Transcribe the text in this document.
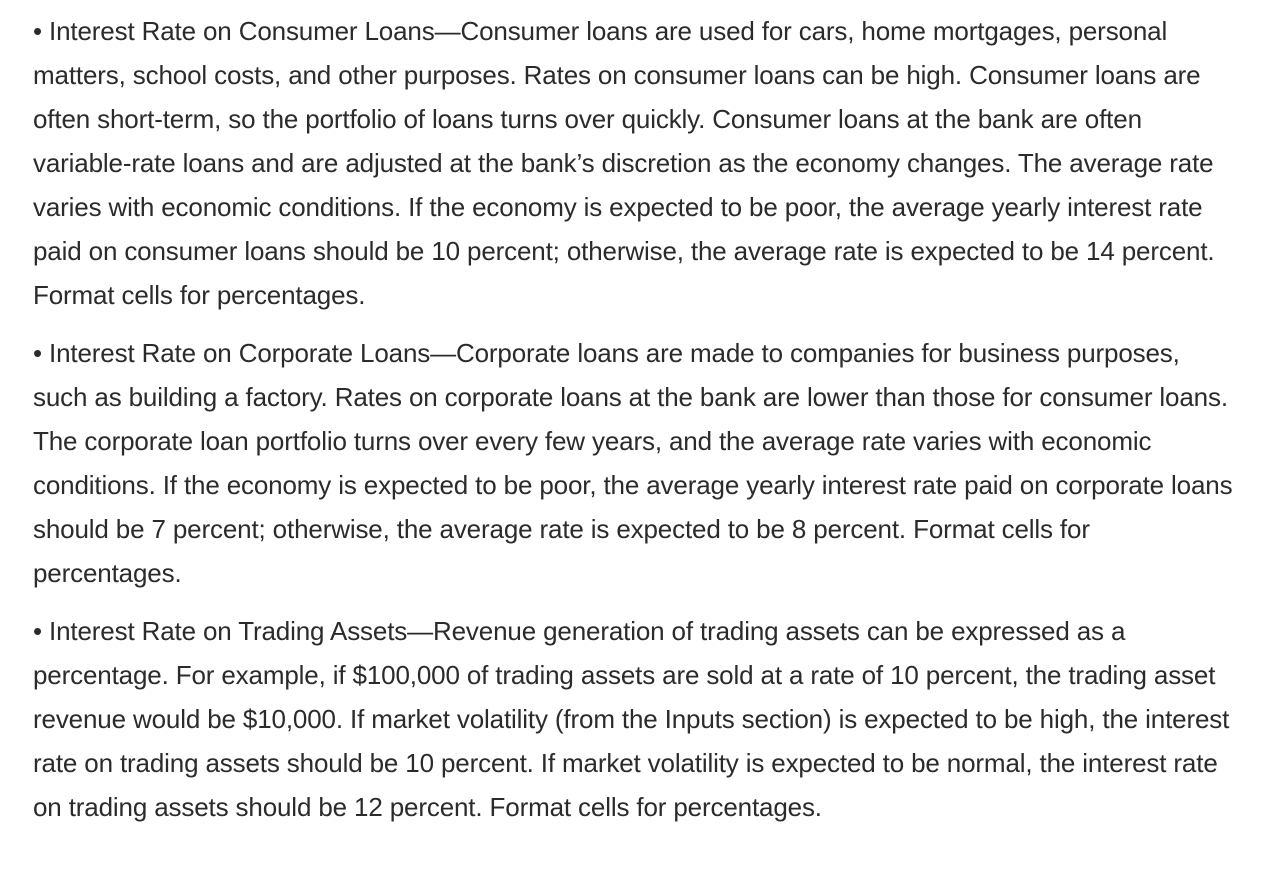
• Interest Rate on Consumer Loans—Consumer loans are used for cars, home mortgages, personal matters, school costs, and other purposes. Rates on consumer loans can be high. Consumer loans are often short-term, so the portfolio of loans turns over quickly. Consumer loans at the bank are often variable-rate loans and are adjusted at the bank’s discretion as the economy changes. The average rate varies with economic conditions. If the economy is expected to be poor, the average yearly interest rate paid on consumer loans should be 10 percent; otherwise, the average rate is expected to be 14 percent. Format cells for percentages.

• Interest Rate on Corporate Loans—Corporate loans are made to companies for business purposes, such as building a factory. Rates on corporate loans at the bank are lower than those for consumer loans. The corporate loan portfolio turns over every few years, and the average rate varies with economic conditions. If the economy is expected to be poor, the average yearly interest rate paid on corporate loans should be 7 percent; otherwise, the average rate is expected to be 8 percent. Format cells for percentages.

• Interest Rate on Trading Assets—Revenue generation of trading assets can be expressed as a percentage. For example, if $100,000 of trading assets are sold at a rate of 10 percent, the trading asset revenue would be $10,000. If market volatility (from the Inputs section) is expected to be high, the interest rate on trading assets should be 10 percent. If market volatility is expected to be normal, the interest rate on trading assets should be 12 percent. Format cells for percentages.
